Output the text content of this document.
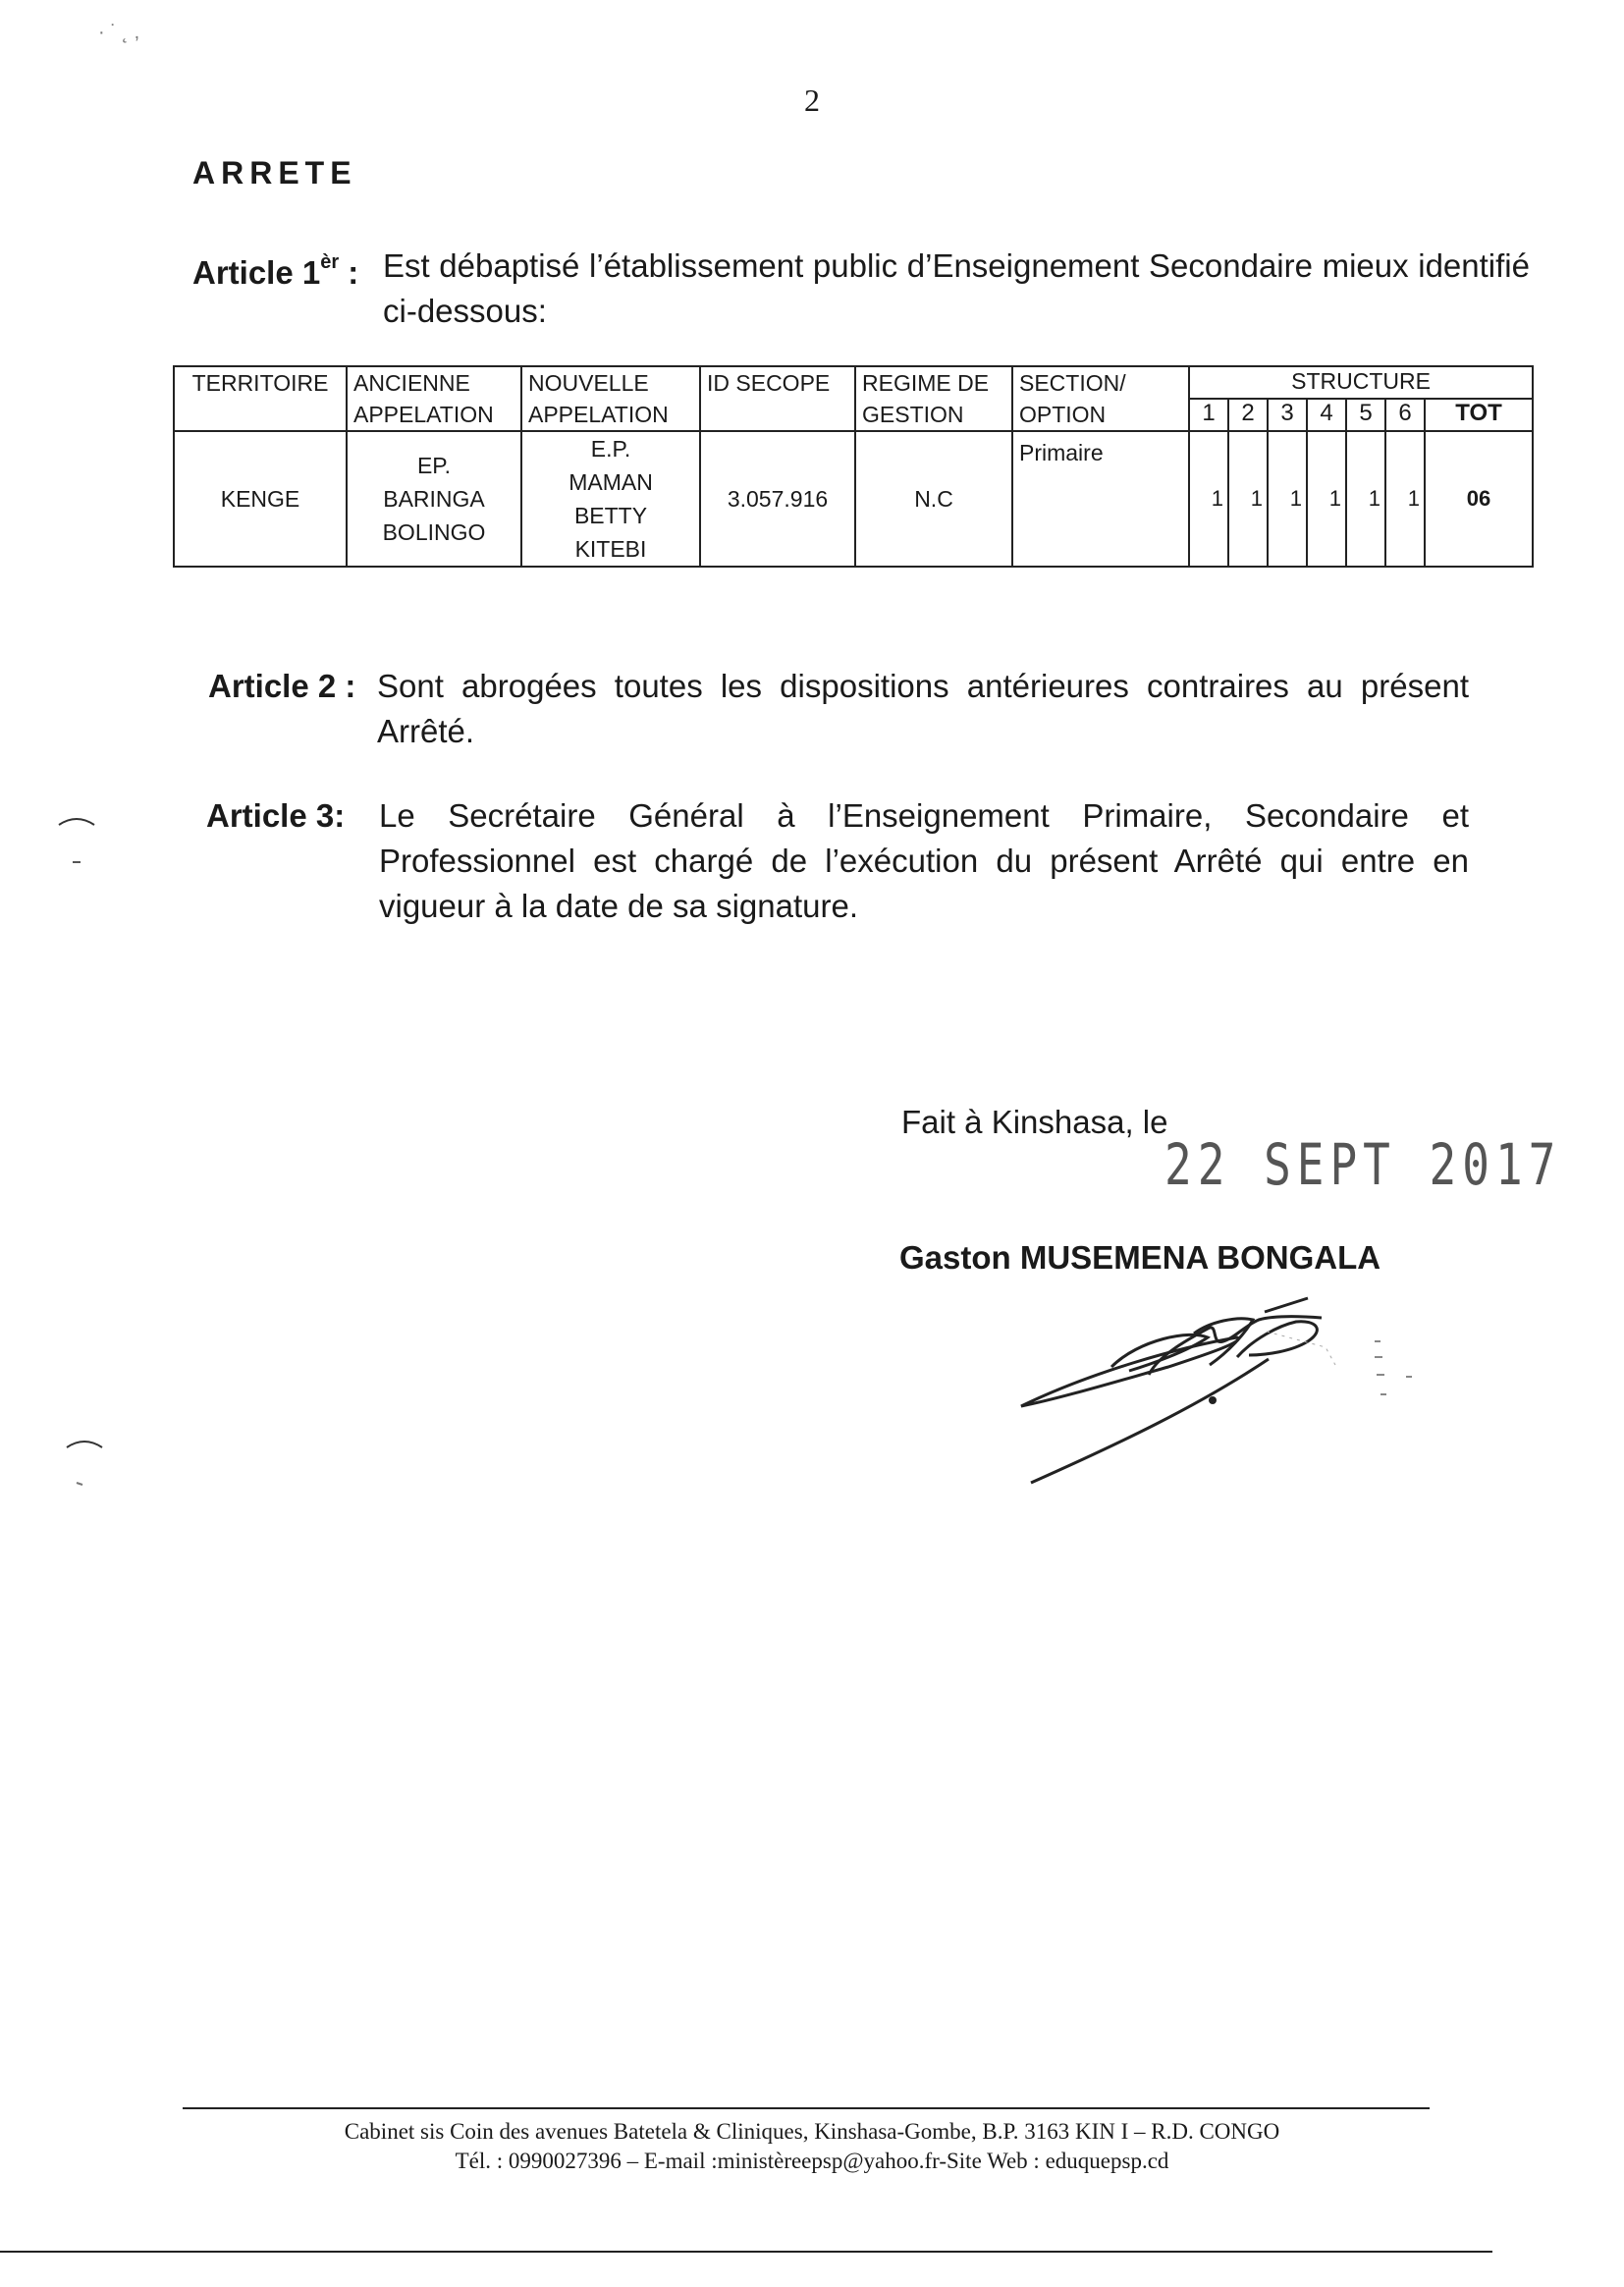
· ˙ ˛ ,
2
ARRETE
Article $1^{èr}$ : Est débaptisé l’établissement public d’Enseignement Secondaire mieux identifié ci-dessous:
TERRITOIRE	ANCIENNE APPELATION	NOUVELLE APPELATION	ID SECOPE	REGIME DE GESTION	SECTION/ OPTION	STRUCTURE						
						1	2	3	4	5	6	TOT
KENGE	EP. BARINGA BOLINGO	E.P. MAMAN BETTY KITEBI	3.057.916	N.C	Primaire	1	1	1	1	1	1	06
Article 2 : Sont abrogées toutes les dispositions antérieures contraires au présent Arrêté.
Article 3: Le Secrétaire Général à l’Enseignement Primaire, Secondaire et Professionnel est chargé de l’exécution du présent Arrêté qui entre en vigueur à la date de sa signature.
Fait à Kinshasa, le
22 SEPT 2017
Gaston MUSEMENA BONGALA
Cabinet sis Coin des avenues Batetela & Cliniques, Kinshasa-Gombe, B.P. 3163 KIN I – R.D. CONGO
Tél. : 0990027396 – E-mail :ministèreepsp@yahoo.fr-Site Web : eduquepsp.cd
